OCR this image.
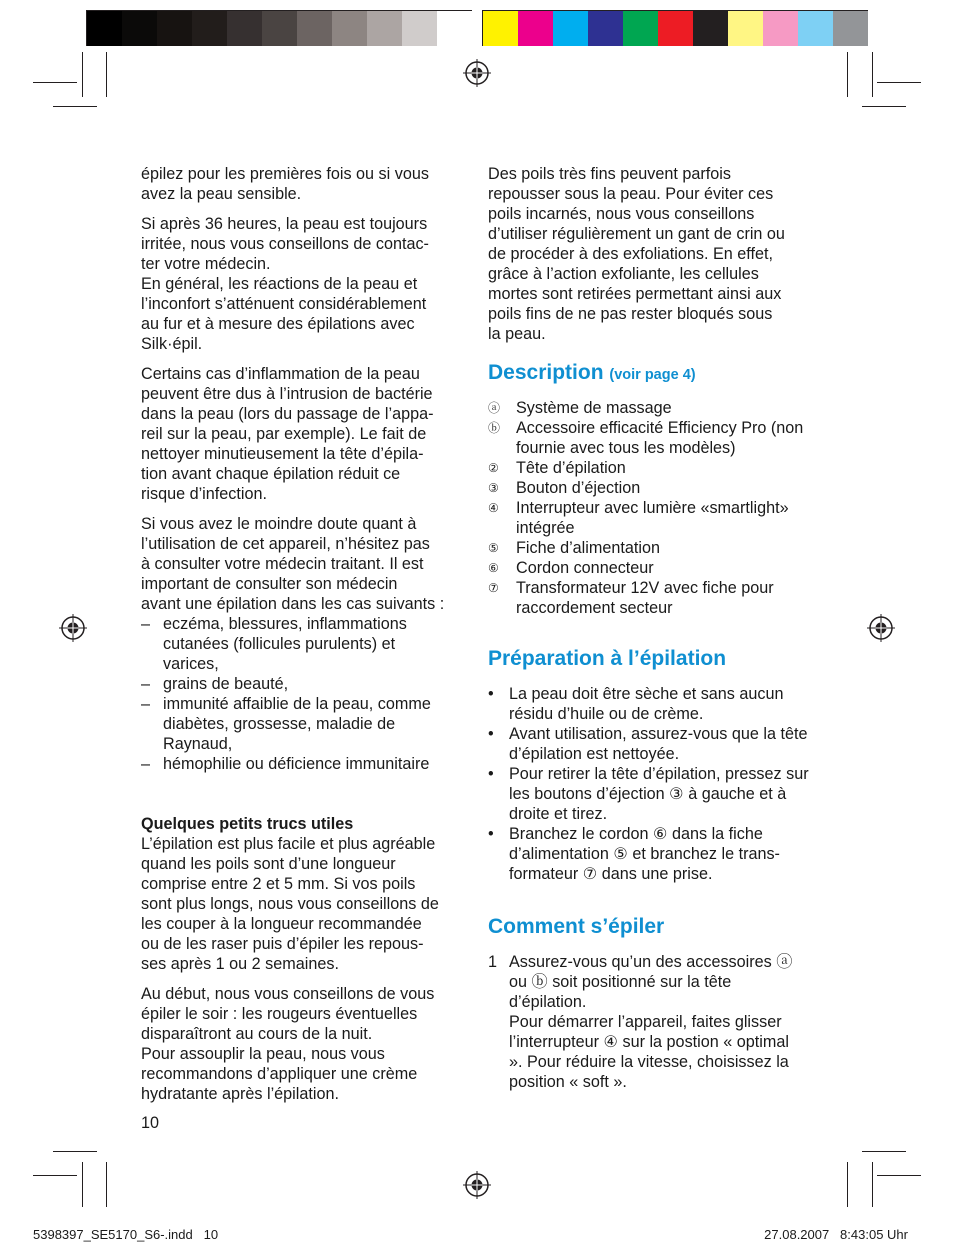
épilez pour les premières fois ou si vous avez la peau sensible.

Si après 36 heures, la peau est toujours
irritée, nous vous conseillons de contac-
ter votre médecin.
En général, les réactions de la peau et
l’inconfort s’atténuent considérablement
au fur et à mesure des épilations avec
Silk·épil.
Certains cas d’inflammation de la peau
peuvent être dus à l’intrusion de bactérie
dans la peau (lors du passage de l’appa-
reil sur la peau, par exemple). Le fait de
nettoyer minutieusement la tête d’épila-
tion avant chaque épilation réduit ce
risque d’infection.
Si vous avez le moindre doute quant à
l’utilisation de cet appareil, n’hésitez pas
à consulter votre médecin traitant. Il est
important de consulter son médecin
avant une épilation dans les cas suivants :
– eczéma, blessures, inflammations cutanées (follicules purulents) et varices,
– grains de beauté,
– immunité affaiblie de la peau, comme diabètes, grossesse, maladie de Raynaud,
– hémophilie ou déficience immunitaire
Quelques petits trucs utiles
L’épilation est plus facile et plus agréable
quand les poils sont d’une longueur
comprise entre 2 et 5 mm. Si vos poils
sont plus longs, nous vous conseillons de
les couper à la longueur recommandée
ou de les raser puis d’épiler les repous-
ses après 1 ou 2 semaines.
Au début, nous vous conseillons de vous
épiler le soir : les rougeurs éventuelles
disparaîtront au cours de la nuit.
Pour assouplir la peau, nous vous
recommandons d’appliquer une crème
hydratante après l’épilation.
10
Des poils très fins peuvent parfois
repousser sous la peau. Pour éviter ces
poils incarnés, nous vous conseillons
d’utiliser régulièrement un gant de crin ou
de procéder à des exfoliations. En effet,
grâce à l’action exfoliante, les cellules
mortes sont retirées permettant ainsi aux
poils fins de ne pas rester bloqués sous
la peau.
Description (voir page 4)
ⓐ Système de massage
ⓑ Accessoire efficacité Efficiency Pro (non fournie avec tous les modèles)
② Tête d’épilation
③ Bouton d’éjection
④ Interrupteur avec lumière «smartlight» intégrée
⑤ Fiche d’alimentation
⑥ Cordon connecteur
⑦ Transformateur 12V avec fiche pour raccordement secteur
Préparation à l’épilation
• La peau doit être sèche et sans aucun résidu d’huile ou de crème.
• Avant utilisation, assurez-vous que la tête d’épilation est nettoyée.
• Pour retirer la tête d’épilation, pressez sur les boutons d’éjection ③ à gauche et à droite et tirez.
• Branchez le cordon ⑥ dans la fiche d’alimentation ⑤ et branchez le trans-formateur ⑦ dans une prise.
Comment s’épiler
1 Assurez-vous qu’un des accessoires ⓐ ou ⓑ soit positionné sur la tête d’épilation.
Pour démarrer l’appareil, faites glisser l’interrupteur ④ sur la postion « optimal ». Pour réduire la vitesse, choisissez la position « soft ».
5398397_SE5170_S6-.indd   10	27.08.2007   8:43:05 Uhr
